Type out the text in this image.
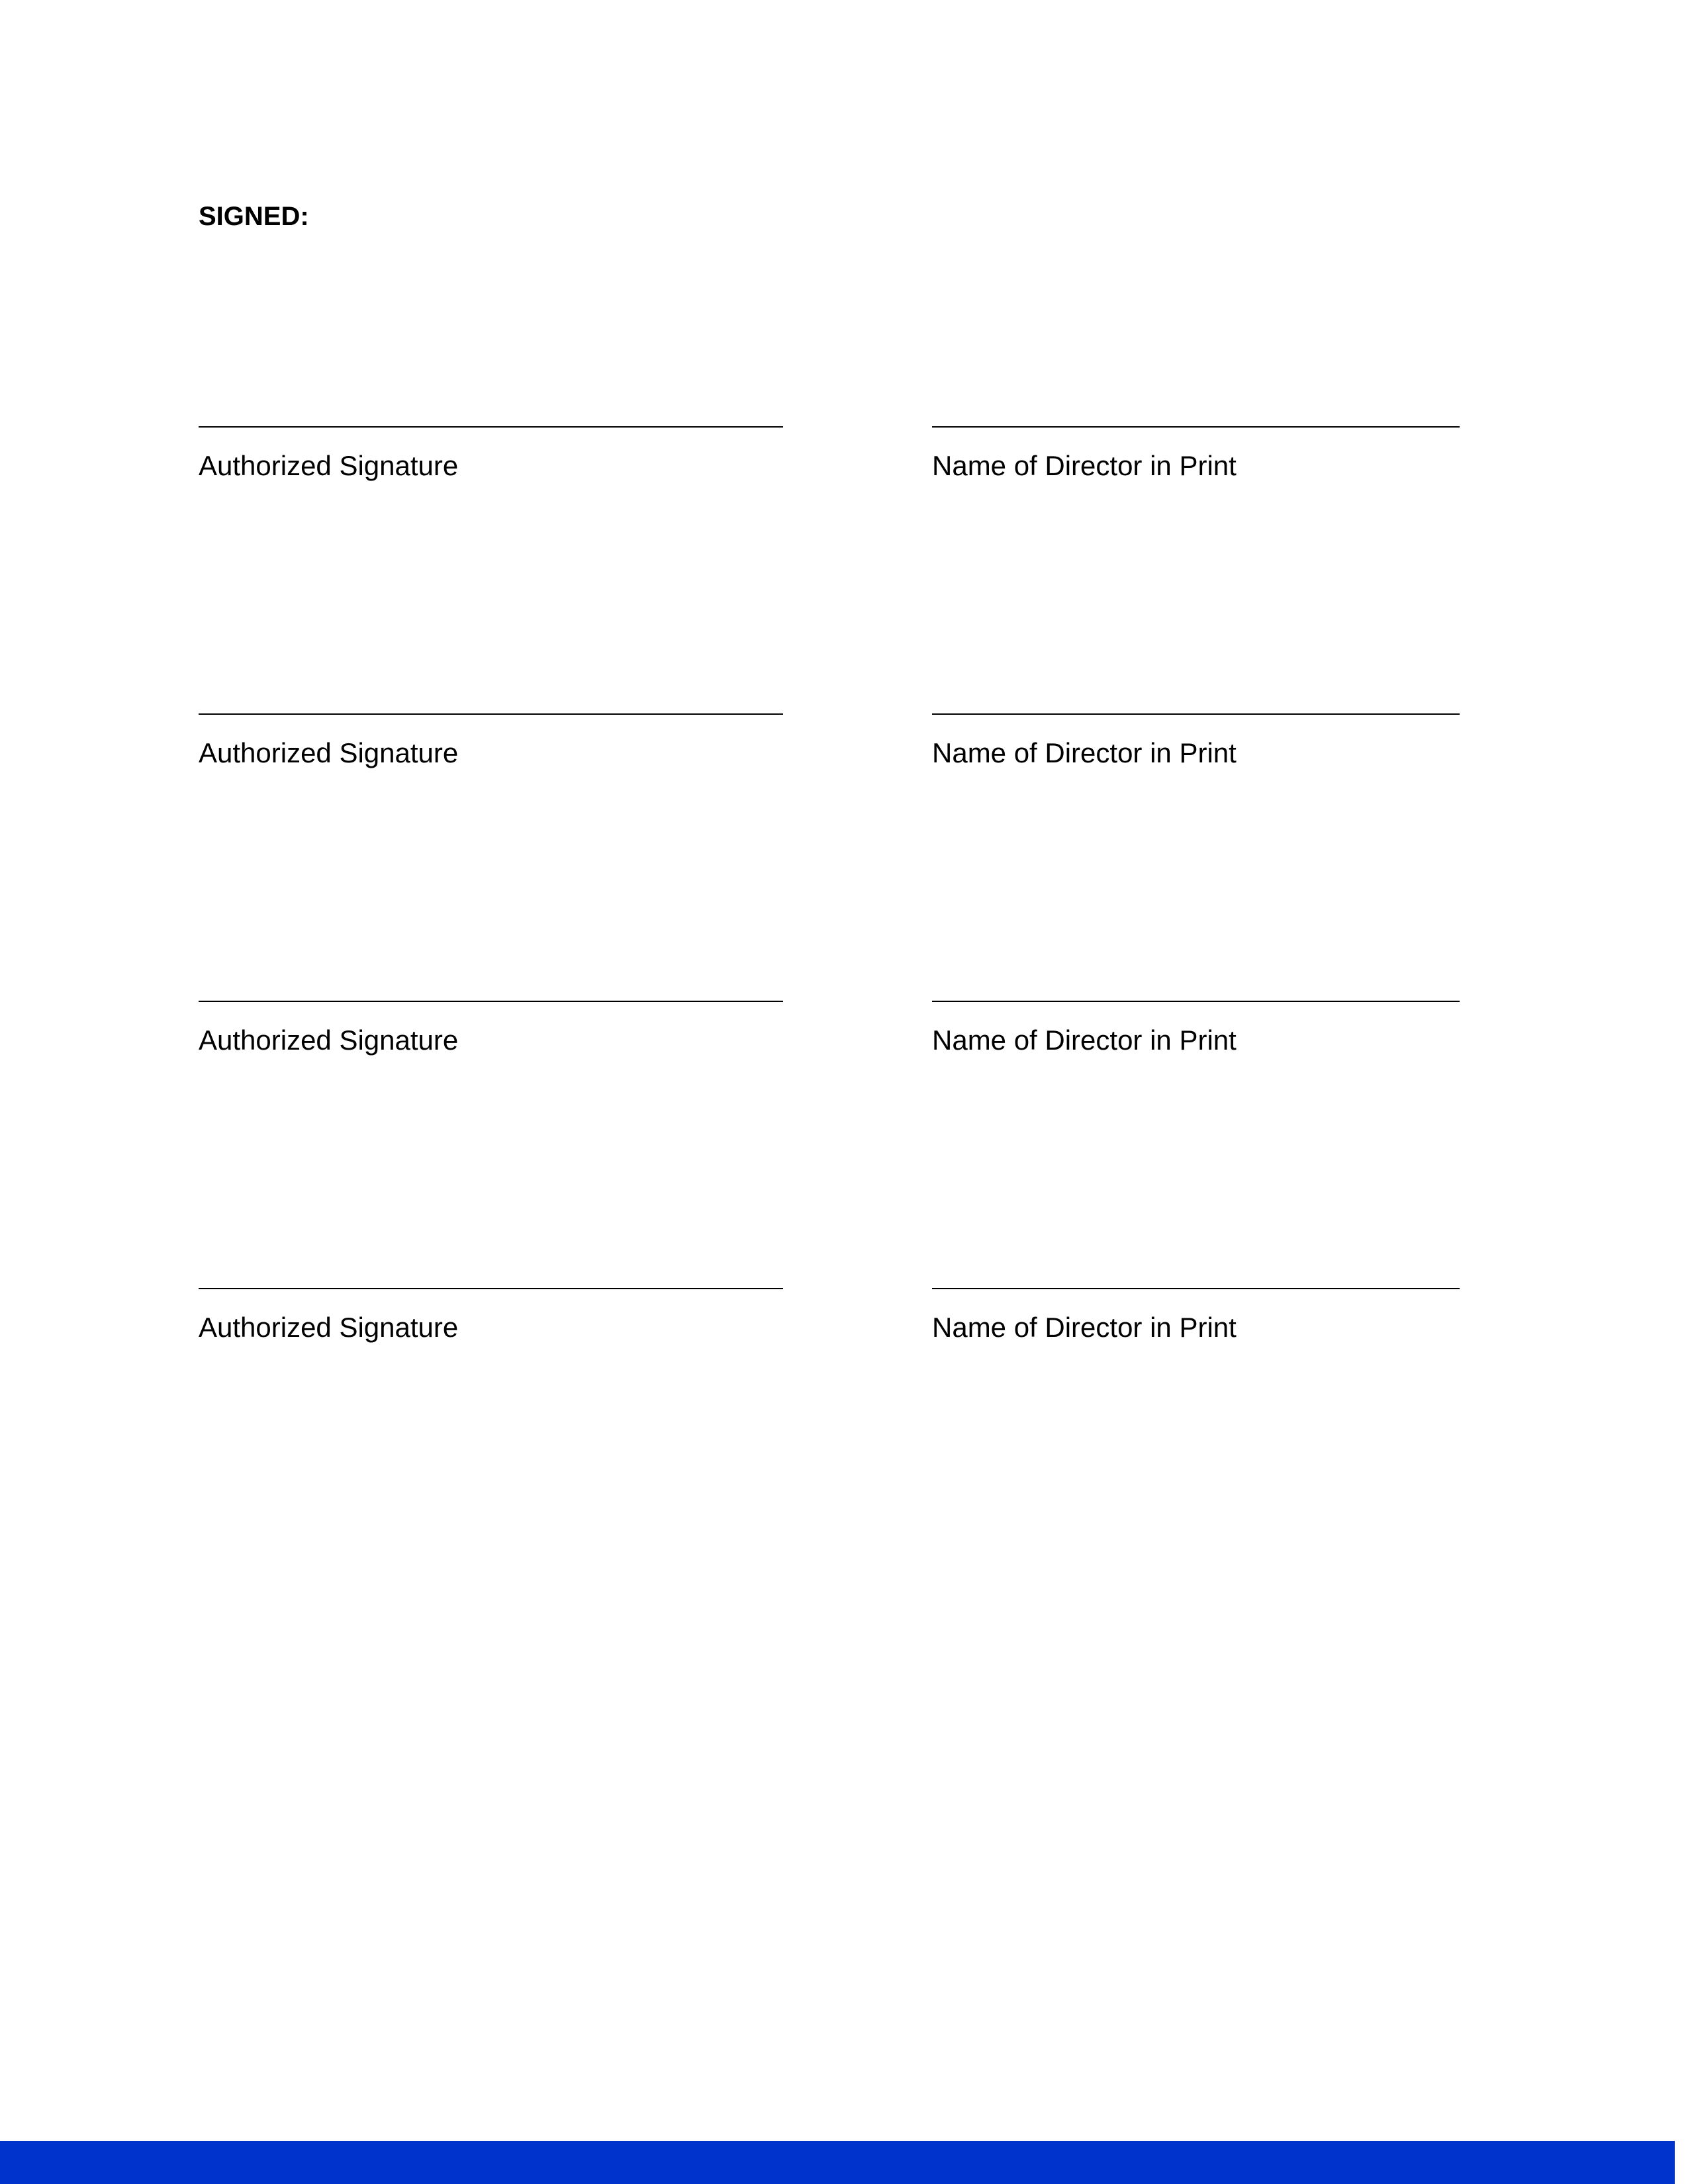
SIGNED:

Authorized Signature	Name of Director in Print
Authorized Signature	Name of Director in Print
Authorized Signature	Name of Director in Print
Authorized Signature	Name of Director in Print
